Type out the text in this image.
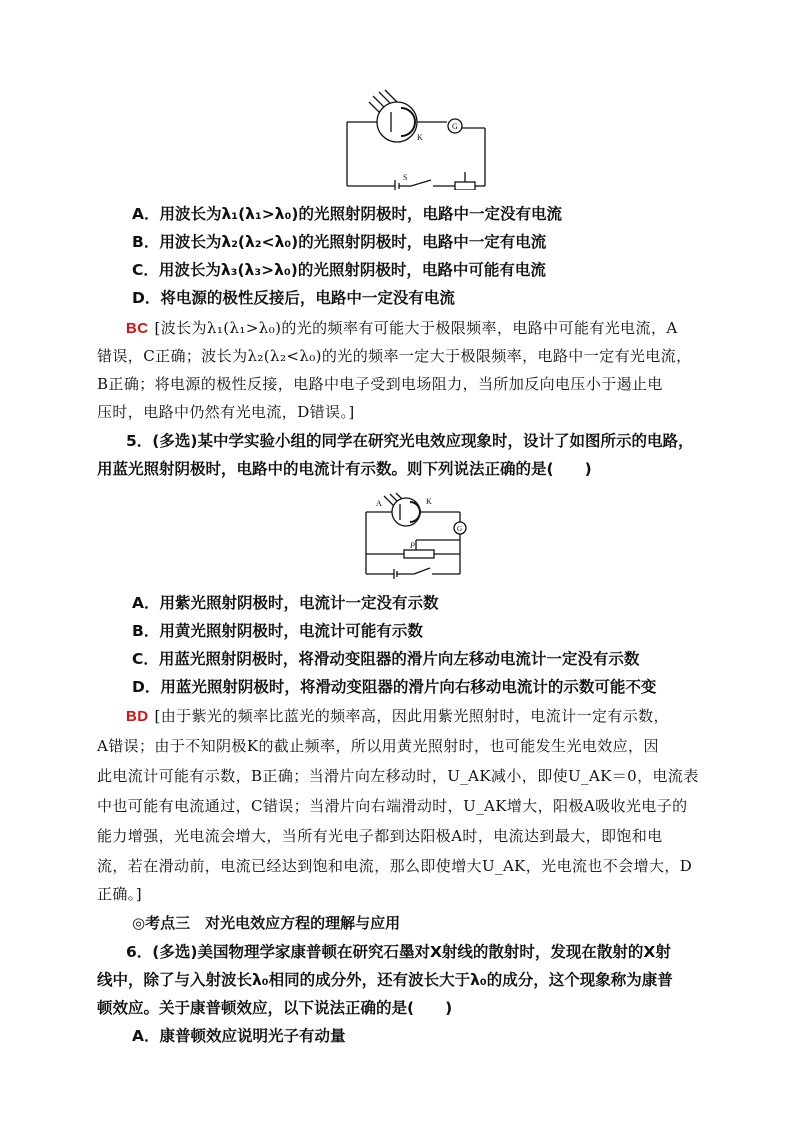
K
G
S
A．用波长为λ₁(λ₁>λ₀)的光照射阴极时，电路中一定没有电流
B．用波长为λ₂(λ₂<λ₀)的光照射阴极时，电路中一定有电流
C．用波长为λ₃(λ₃>λ₀)的光照射阴极时，电路中可能有电流
D．将电源的极性反接后，电路中一定没有电流
BC [波长为λ₁(λ₁>λ₀)的光的频率有可能大于极限频率，电路中可能有光电流，A
错误，C正确；波长为λ₂(λ₂<λ₀)的光的频率一定大于极限频率，电路中一定有光电流，
B正确；将电源的极性反接，电路中电子受到电场阻力，当所加反向电压小于遏止电
压时，电路中仍然有光电流，D错误。]
5．(多选)某中学实验小组的同学在研究光电效应现象时，设计了如图所示的电路，
用蓝光照射阴极时，电路中的电流计有示数。则下列说法正确的是(　　)
A	K
G
P
A．用紫光照射阴极时，电流计一定没有示数
B．用黄光照射阴极时，电流计可能有示数
C．用蓝光照射阴极时，将滑动变阻器的滑片向左移动电流计一定没有示数
D．用蓝光照射阴极时，将滑动变阻器的滑片向右移动电流计的示数可能不变
BD [由于紫光的频率比蓝光的频率高，因此用紫光照射时，电流计一定有示数，
A错误；由于不知阴极K的截止频率，所以用黄光照射时，也可能发生光电效应，因
此电流计可能有示数，B正确；当滑片向左移动时，U_AK减小，即使U_AK＝0，电流表
中也可能有电流通过，C错误；当滑片向右端滑动时，U_AK增大，阳极A吸收光电子的
能力增强，光电流会增大，当所有光电子都到达阳极A时，电流达到最大，即饱和电
流，若在滑动前，电流已经达到饱和电流，那么即使增大U_AK，光电流也不会增大，D
正确。]
◎考点三　对光电效应方程的理解与应用
6．(多选)美国物理学家康普顿在研究石墨对X射线的散射时，发现在散射的X射
线中，除了与入射波长λ₀相同的成分外，还有波长大于λ₀的成分，这个现象称为康普
顿效应。关于康普顿效应，以下说法正确的是(　　)
A．康普顿效应说明光子有动量
